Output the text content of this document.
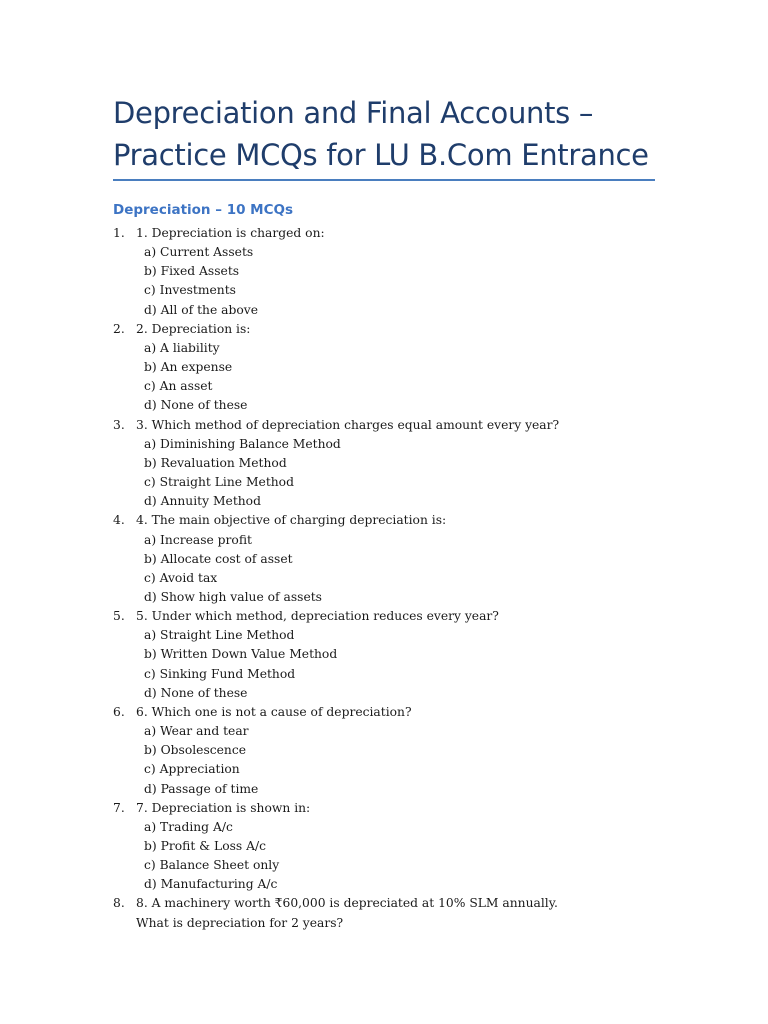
Depreciation and Final Accounts –
Practice MCQs for LU B.Com Entrance
Depreciation – 10 MCQs
1. 1. Depreciation is charged on:
a) Current Assets
b) Fixed Assets
c) Investments
d) All of the above
2. 2. Depreciation is:
a) A liability
b) An expense
c) An asset
d) None of these
3. 3. Which method of depreciation charges equal amount every year?
a) Diminishing Balance Method
b) Revaluation Method
c) Straight Line Method
d) Annuity Method
4. 4. The main objective of charging depreciation is:
a) Increase profit
b) Allocate cost of asset
c) Avoid tax
d) Show high value of assets
5. 5. Under which method, depreciation reduces every year?
a) Straight Line Method
b) Written Down Value Method
c) Sinking Fund Method
d) None of these
6. 6. Which one is not a cause of depreciation?
a) Wear and tear
b) Obsolescence
c) Appreciation
d) Passage of time
7. 7. Depreciation is shown in:
a) Trading A/c
b) Profit & Loss A/c
c) Balance Sheet only
d) Manufacturing A/c
8. 8. A machinery worth ₹60,000 is depreciated at 10% SLM annually. What is depreciation for 2 years?
